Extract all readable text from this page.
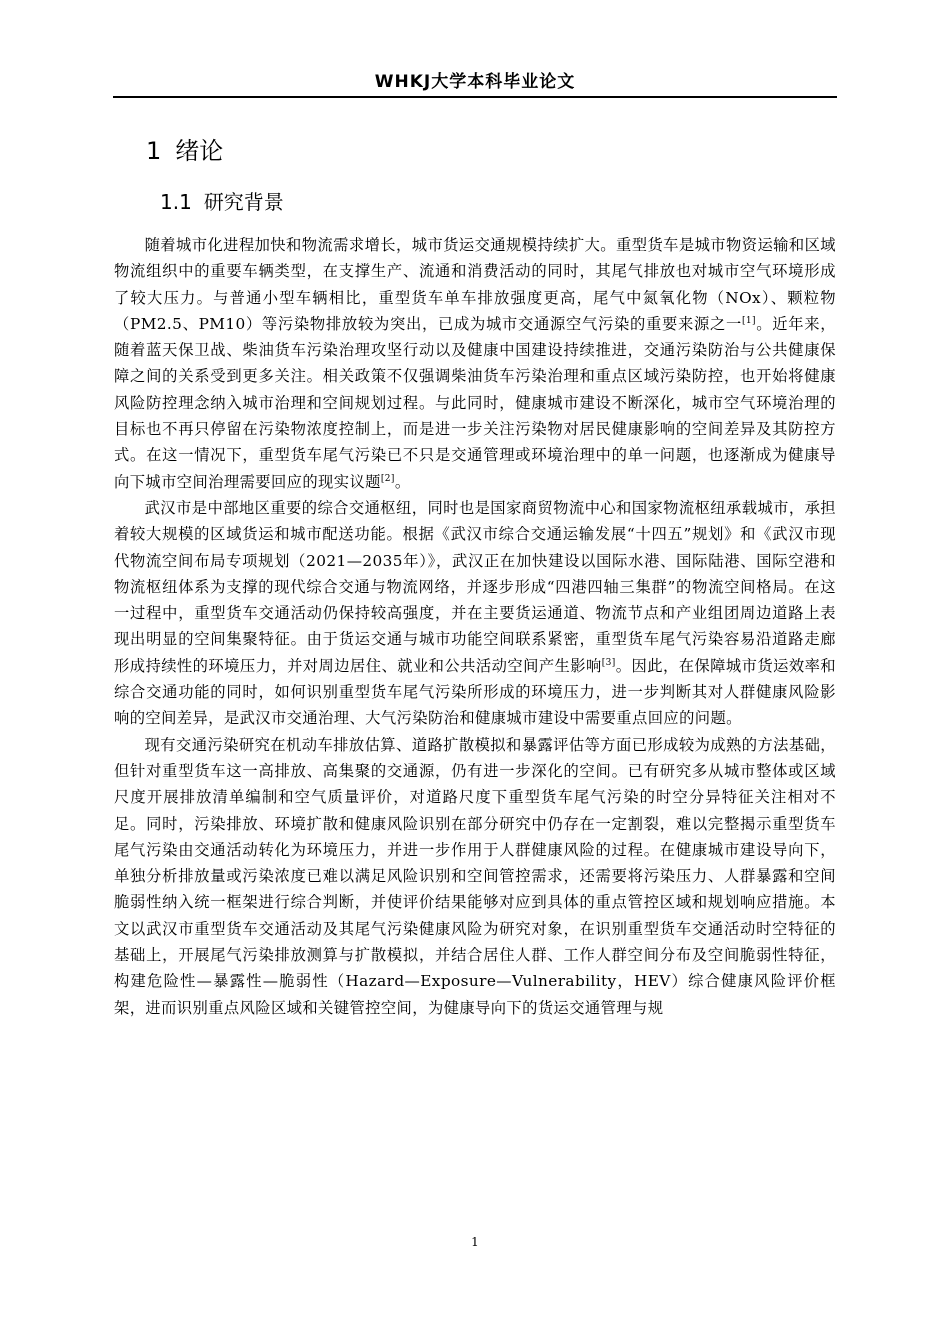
WHKJ大学本科毕业论文
1 绪论
1.1 研究背景

随着城市化进程加快和物流需求增长，城市货运交通规模持续扩大。重型货车是城市物资运输和区域物流组织中的重要车辆类型，在支撑生产、流通和消费活动的同时，其尾气排放也对城市空气环境形成了较大压力。与普通小型车辆相比，重型货车单车排放强度更高，尾气中氮氧化物（NOx）、颗粒物（PM2.5、PM10）等污染物排放较为突出，已成为城市交通源空气污染的重要来源之一[1]。近年来，随着蓝天保卫战、柴油货车污染治理攻坚行动以及健康中国建设持续推进，交通污染防治与公共健康保障之间的关系受到更多关注。相关政策不仅强调柴油货车污染治理和重点区域污染防控，也开始将健康风险防控理念纳入城市治理和空间规划过程。与此同时，健康城市建设不断深化，城市空气环境治理的目标也不再只停留在污染物浓度控制上，而是进一步关注污染物对居民健康影响的空间差异及其防控方式。在这一情况下，重型货车尾气污染已不只是交通管理或环境治理中的单一问题，也逐渐成为健康导向下城市空间治理需要回应的现实议题[2]。

武汉市是中部地区重要的综合交通枢纽，同时也是国家商贸物流中心和国家物流枢纽承载城市，承担着较大规模的区域货运和城市配送功能。根据《武汉市综合交通运输发展“十四五”规划》和《武汉市现代物流空间布局专项规划（2021—2035年）》，武汉正在加快建设以国际水港、国际陆港、国际空港和物流枢纽体系为支撑的现代综合交通与物流网络，并逐步形成“四港四轴三集群”的物流空间格局。在这一过程中，重型货车交通活动仍保持较高强度，并在主要货运通道、物流节点和产业组团周边道路上表现出明显的空间集聚特征。由于货运交通与城市功能空间联系紧密，重型货车尾气污染容易沿道路走廊形成持续性的环境压力，并对周边居住、就业和公共活动空间产生影响[3]。因此，在保障城市货运效率和综合交通功能的同时，如何识别重型货车尾气污染所形成的环境压力，进一步判断其对人群健康风险影响的空间差异，是武汉市交通治理、大气污染防治和健康城市建设中需要重点回应的问题。

现有交通污染研究在机动车排放估算、道路扩散模拟和暴露评估等方面已形成较为成熟的方法基础，但针对重型货车这一高排放、高集聚的交通源，仍有进一步深化的空间。已有研究多从城市整体或区域尺度开展排放清单编制和空气质量评价，对道路尺度下重型货车尾气污染的时空分异特征关注相对不足。同时，污染排放、环境扩散和健康风险识别在部分研究中仍存在一定割裂，难以完整揭示重型货车尾气污染由交通活动转化为环境压力，并进一步作用于人群健康风险的过程。在健康城市建设导向下，单独分析排放量或污染浓度已难以满足风险识别和空间管控需求，还需要将污染压力、人群暴露和空间脆弱性纳入统一框架进行综合判断，并使评价结果能够对应到具体的重点管控区域和规划响应措施。本文以武汉市重型货车交通活动及其尾气污染健康风险为研究对象，在识别重型货车交通活动时空特征的基础上，开展尾气污染排放测算与扩散模拟，并结合居住人群、工作人群空间分布及空间脆弱性特征，构建危险性—暴露性—脆弱性（Hazard—Exposure—Vulnerability，HEV）综合健康风险评价框架，进而识别重点风险区域和关键管控空间，为健康导向下的货运交通管理与规

1
